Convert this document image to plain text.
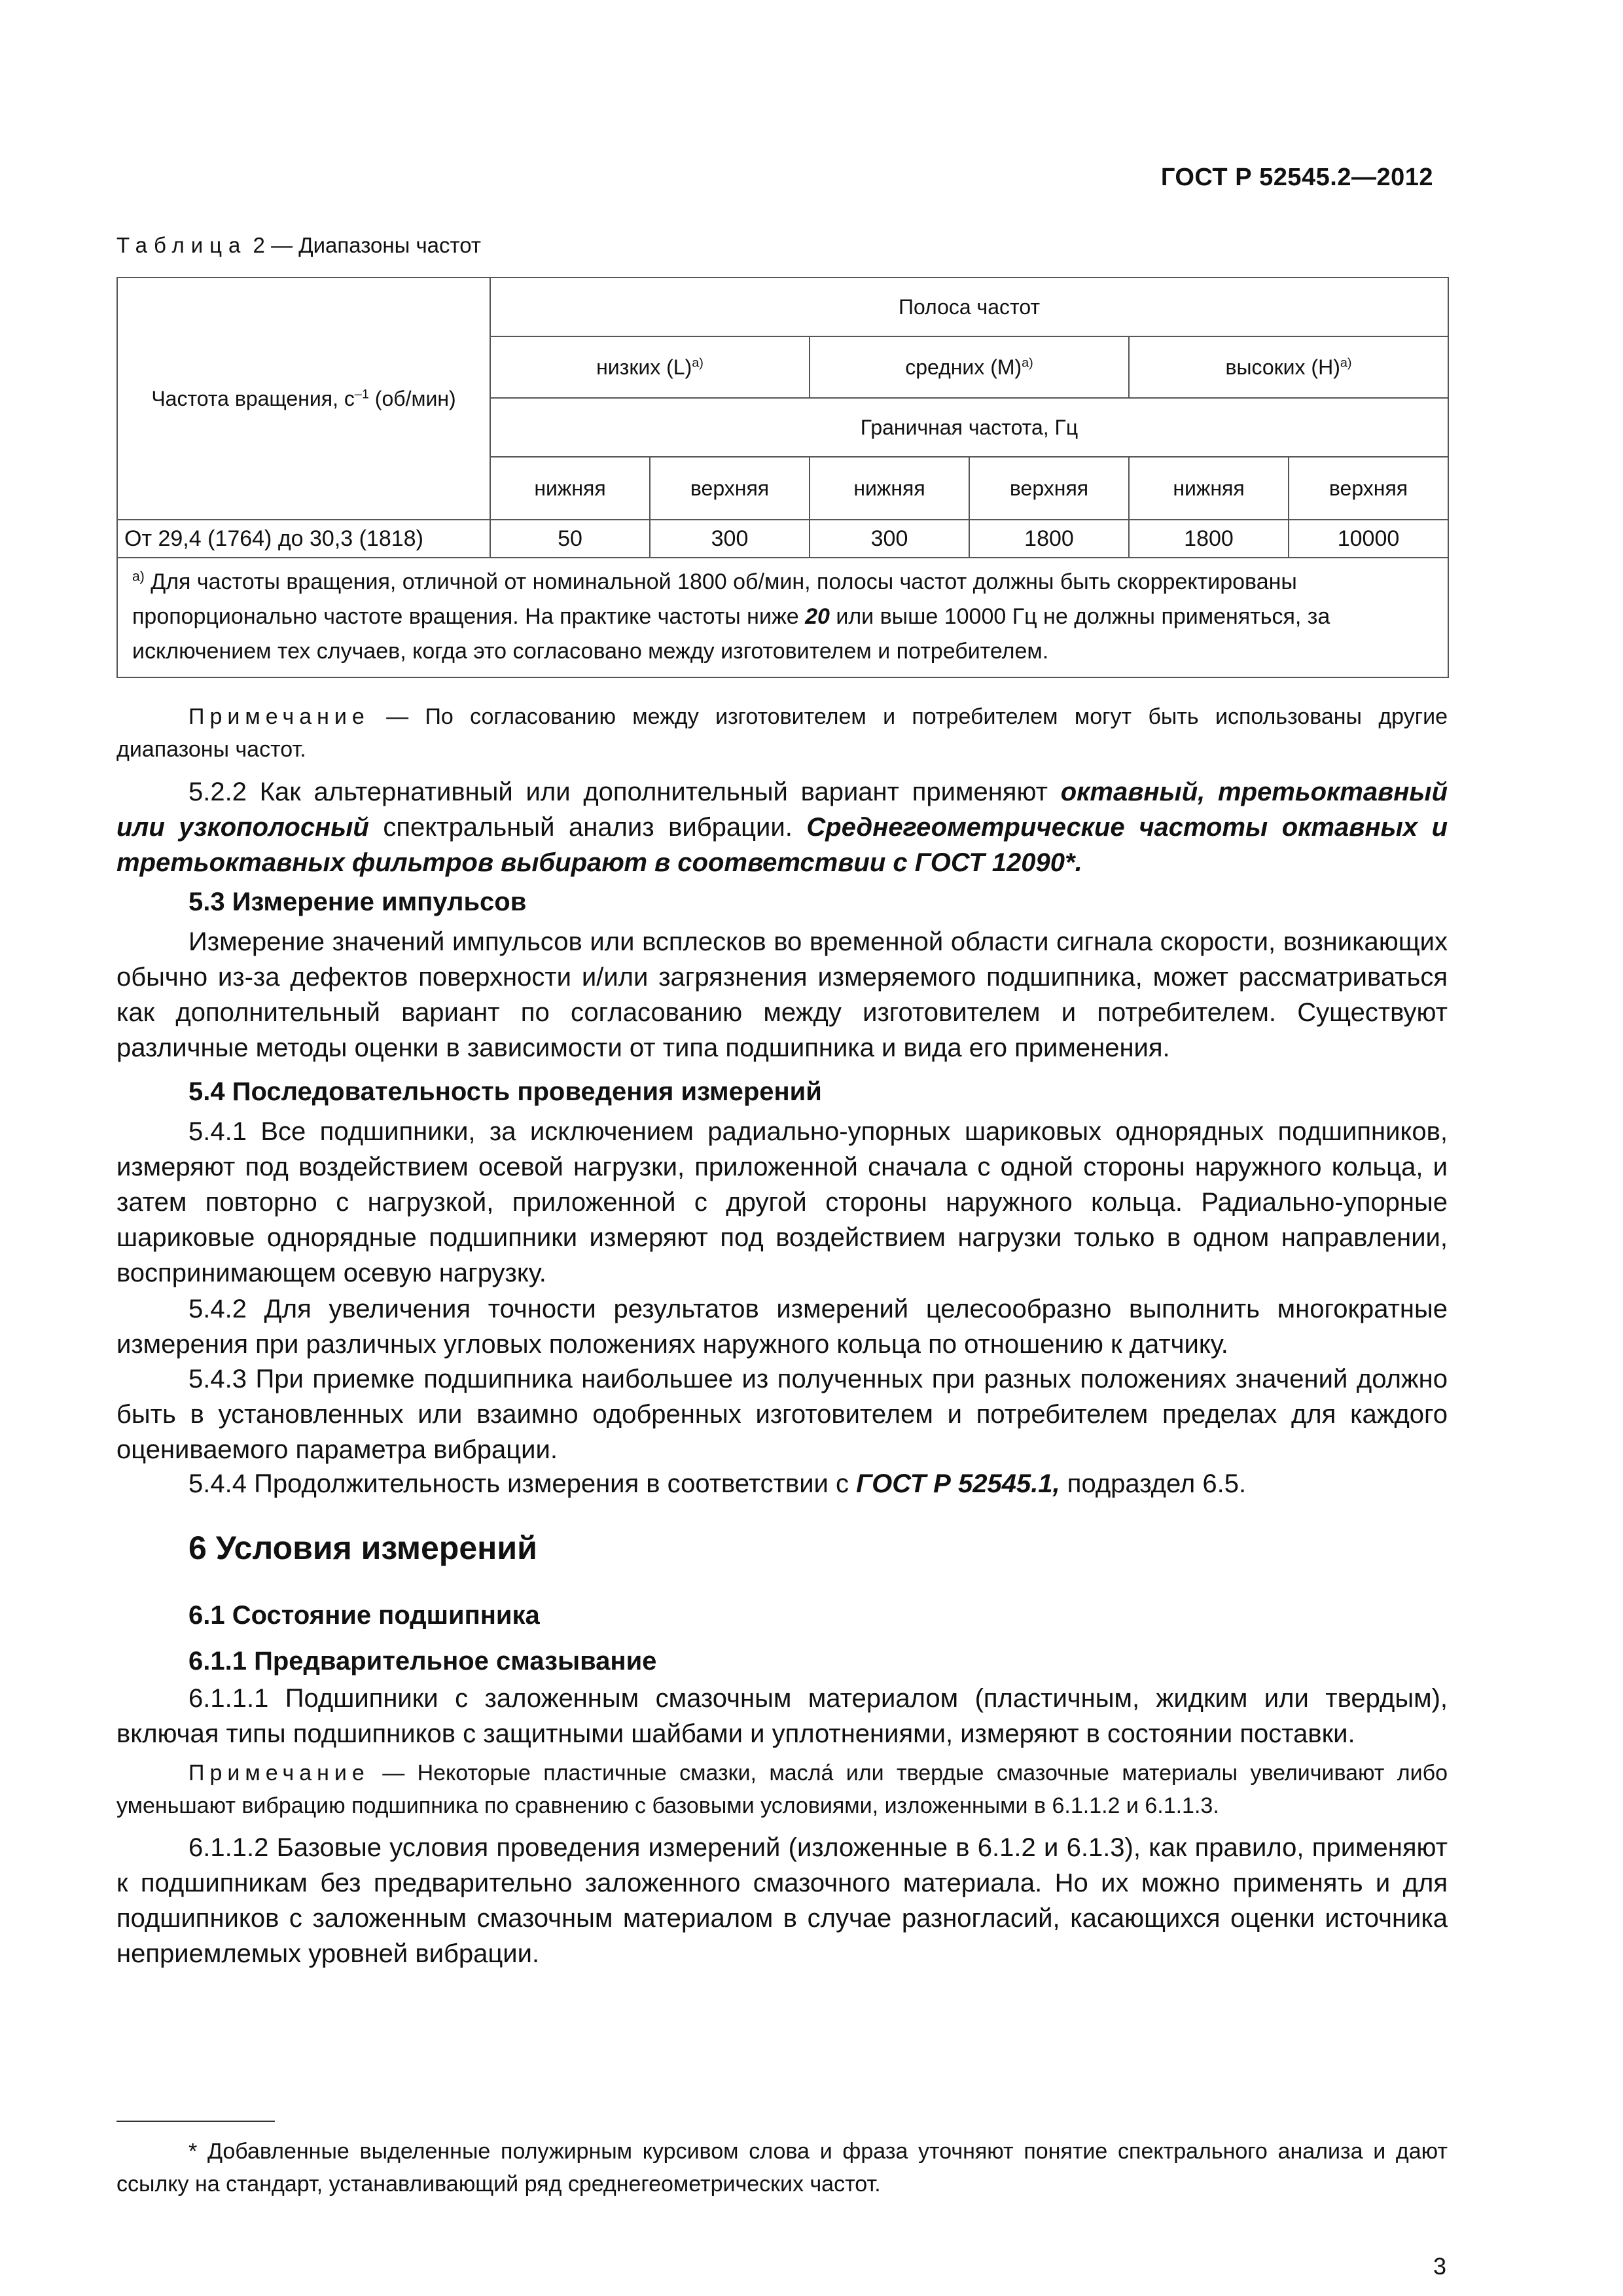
ГОСТ Р 52545.2—2012
Таблица 2 — Диапазоны частот
Частота вращения, $с^{-1}$ (об/мин)	Полоса частот					
	низких $(L)^{а)}$		средних $(M)^{а)}$		высоких $(H)^{а)}$
	Граничная частота, Гц					
	нижняя	верхняя	нижняя	верхняя	нижняя	верхняя
От 29,4 (1764) до 30,3 (1818)	50	300	300	1800	1800	10000
$^{а)}$ Для частоты вращения, отличной от номинальной 1800 об/мин, полосы частот должны быть скорректированы пропорционально частоте вращения. На практике частоты ниже 20 или выше 10000 Гц не должны применяться, за исключением тех случаев, когда это согласовано между изготовителем и потребителем.						
Примечание — По согласованию между изготовителем и потребителем могут быть использованы другие диапазоны частот.
5.2.2 Как альтернативный или дополнительный вариант применяют октавный, третьоктавный или узкополосный спектральный анализ вибрации. Среднегеометрические частоты октавных и третьоктавных фильтров выбирают в соответствии с ГОСТ 12090*.
5.3 Измерение импульсов
Измерение значений импульсов или всплесков во временной области сигнала скорости, возникающих обычно из-за дефектов поверхности и/или загрязнения измеряемого подшипника, может рассматриваться как дополнительный вариант по согласованию между изготовителем и потребителем. Существуют различные методы оценки в зависимости от типа подшипника и вида его применения.
5.4 Последовательность проведения измерений
5.4.1 Все подшипники, за исключением радиально-упорных шариковых однорядных подшипников, измеряют под воздействием осевой нагрузки, приложенной сначала с одной стороны наружного кольца, и затем повторно с нагрузкой, приложенной с другой стороны наружного кольца. Радиально-упорные шариковые однорядные подшипники измеряют под воздействием нагрузки только в одном направлении, воспринимающем осевую нагрузку.
5.4.2 Для увеличения точности результатов измерений целесообразно выполнить многократные измерения при различных угловых положениях наружного кольца по отношению к датчику.
5.4.3 При приемке подшипника наибольшее из полученных при разных положениях значений должно быть в установленных или взаимно одобренных изготовителем и потребителем пределах для каждого оцениваемого параметра вибрации.
5.4.4 Продолжительность измерения в соответствии с ГОСТ Р 52545.1, подраздел 6.5.
6 Условия измерений
6.1 Состояние подшипника
6.1.1 Предварительное смазывание
6.1.1.1 Подшипники с заложенным смазочным материалом (пластичным, жидким или твердым), включая типы подшипников с защитными шайбами и уплотнениями, измеряют в состоянии поставки.
Примечание — Некоторые пластичные смазки, масла́ или твердые смазочные материалы увеличивают либо уменьшают вибрацию подшипника по сравнению с базовыми условиями, изложенными в 6.1.1.2 и 6.1.1.3.
6.1.1.2 Базовые условия проведения измерений (изложенные в 6.1.2 и 6.1.3), как правило, применяют к подшипникам без предварительно заложенного смазочного материала. Но их можно применять и для подшипников с заложенным смазочным материалом в случае разногласий, касающихся оценки источника неприемлемых уровней вибрации.
* Добавленные выделенные полужирным курсивом слова и фраза уточняют понятие спектрального анализа и дают ссылку на стандарт, устанавливающий ряд среднегеометрических частот.
3
